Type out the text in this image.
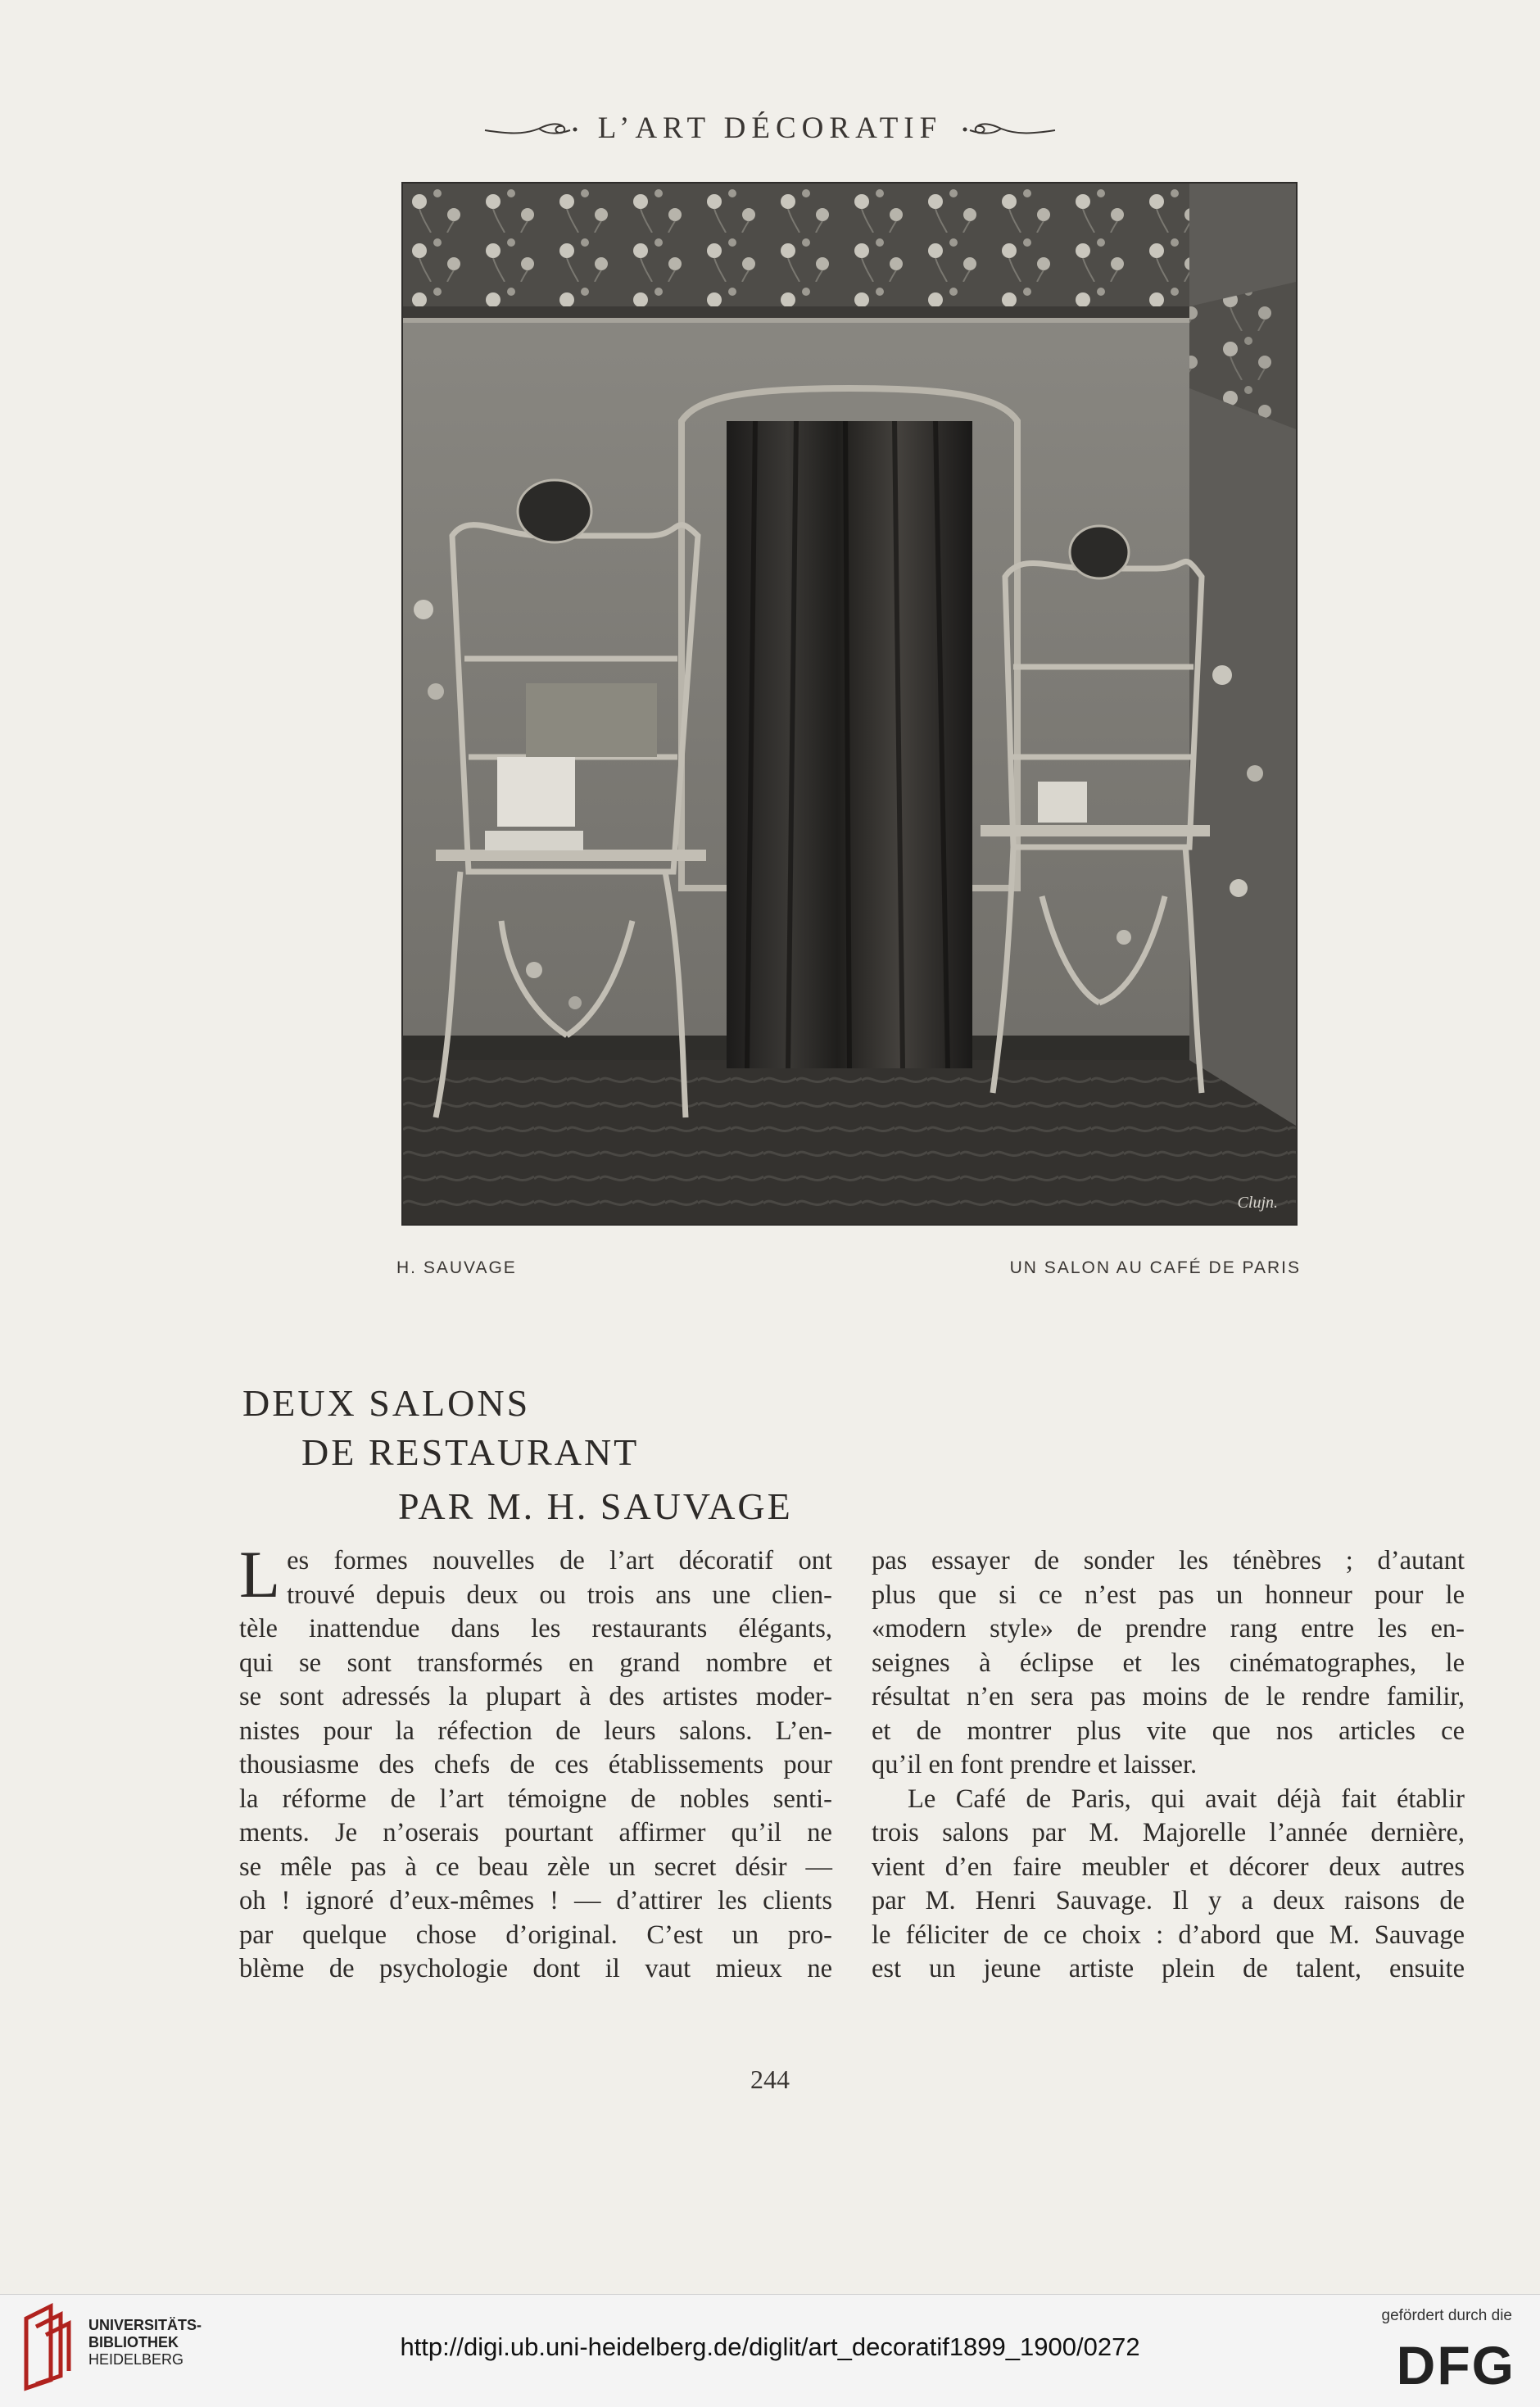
L’ART DÉCORATIF
Clujn.
H. SAUVAGE	UN SALON AU CAFÉ DE PARIS
DEUX SALONS
DE RESTAURANT
PAR M. H. SAUVAGE
L es formes nouvelles de l’art décoratif ont

trouvé depuis deux ou trois ans une clien-

tèle inattendue dans les restaurants élégants,

qui se sont transformés en grand nombre et

se sont adressés la plupart à des artistes moder-

nistes pour la réfection de leurs salons. L’en-

thousiasme des chefs de ces établissements pour

la réforme de l’art témoigne de nobles senti-

ments. Je n’oserais pourtant affirmer qu’il ne

se mêle pas à ce beau zèle un secret désir —

oh ! ignoré d’eux-mêmes ! — d’attirer les clients

par quelque chose d’original. C’est un pro-

blème de psychologie dont il vaut mieux ne

pas essayer de sonder les ténèbres ; d’autant

plus que si ce n’est pas un honneur pour le

«modern style» de prendre rang entre les en-

seignes à éclipse et les cinématographes, le

résultat n’en sera pas moins de le rendre familir,

et de montrer plus vite que nos articles ce

qu’il en font prendre et laisser.

Le Café de Paris, qui avait déjà fait établir

trois salons par M. Majorelle l’année dernière,

vient d’en faire meubler et décorer deux autres

par M. Henri Sauvage. Il y a deux raisons de

le féliciter de ce choix : d’abord que M. Sauvage

est un jeune artiste plein de talent, ensuite

244
UNIVERSITÄTS-
BIBLIOTHEK
HEIDELBERG	http://digi.ub.uni-heidelberg.de/diglit/art_decoratif1899_1900/0272
gefördert durch die
DFG
